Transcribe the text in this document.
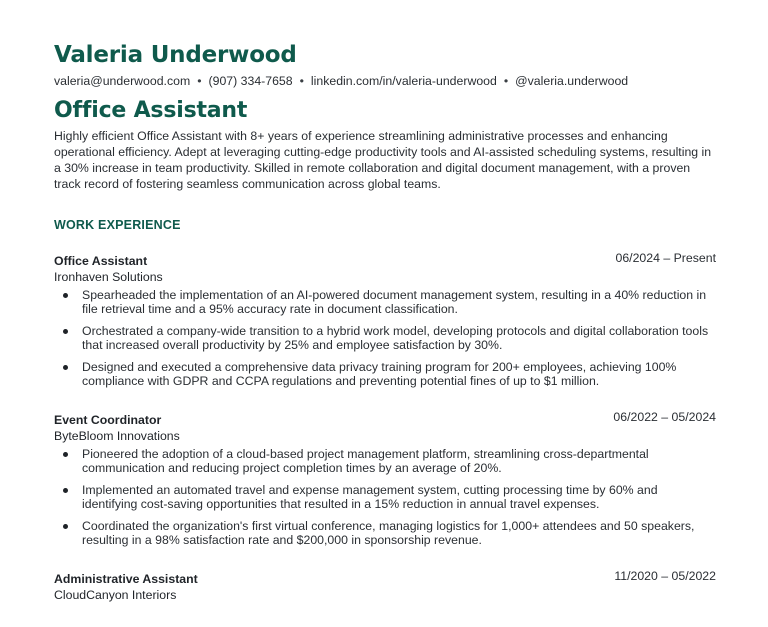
Valeria Underwood
valeria@underwood.com • (907) 334-7658 • linkedin.com/in/valeria-underwood • @valeria.underwood
Office Assistant
Highly efficient Office Assistant with 8+ years of experience streamlining administrative processes and enhancing operational efficiency. Adept at leveraging cutting-edge productivity tools and AI-assisted scheduling systems, resulting in a 30% increase in team productivity. Skilled in remote collaboration and digital document management, with a proven track record of fostering seamless communication across global teams.
WORK EXPERIENCE
Office Assistant	06/2024 – Present
Ironhaven Solutions
Spearheaded the implementation of an AI-powered document management system, resulting in a 40% reduction in file retrieval time and a 95% accuracy rate in document classification.
Orchestrated a company-wide transition to a hybrid work model, developing protocols and digital collaboration tools that increased overall productivity by 25% and employee satisfaction by 30%.
Designed and executed a comprehensive data privacy training program for 200+ employees, achieving 100% compliance with GDPR and CCPA regulations and preventing potential fines of up to $1 million.
Event Coordinator	06/2022 – 05/2024
ByteBloom Innovations
Pioneered the adoption of a cloud-based project management platform, streamlining cross-departmental communication and reducing project completion times by an average of 20%.
Implemented an automated travel and expense management system, cutting processing time by 60% and identifying cost-saving opportunities that resulted in a 15% reduction in annual travel expenses.
Coordinated the organization's first virtual conference, managing logistics for 1,000+ attendees and 50 speakers, resulting in a 98% satisfaction rate and $200,000 in sponsorship revenue.
Administrative Assistant	11/2020 – 05/2022
CloudCanyon Interiors
